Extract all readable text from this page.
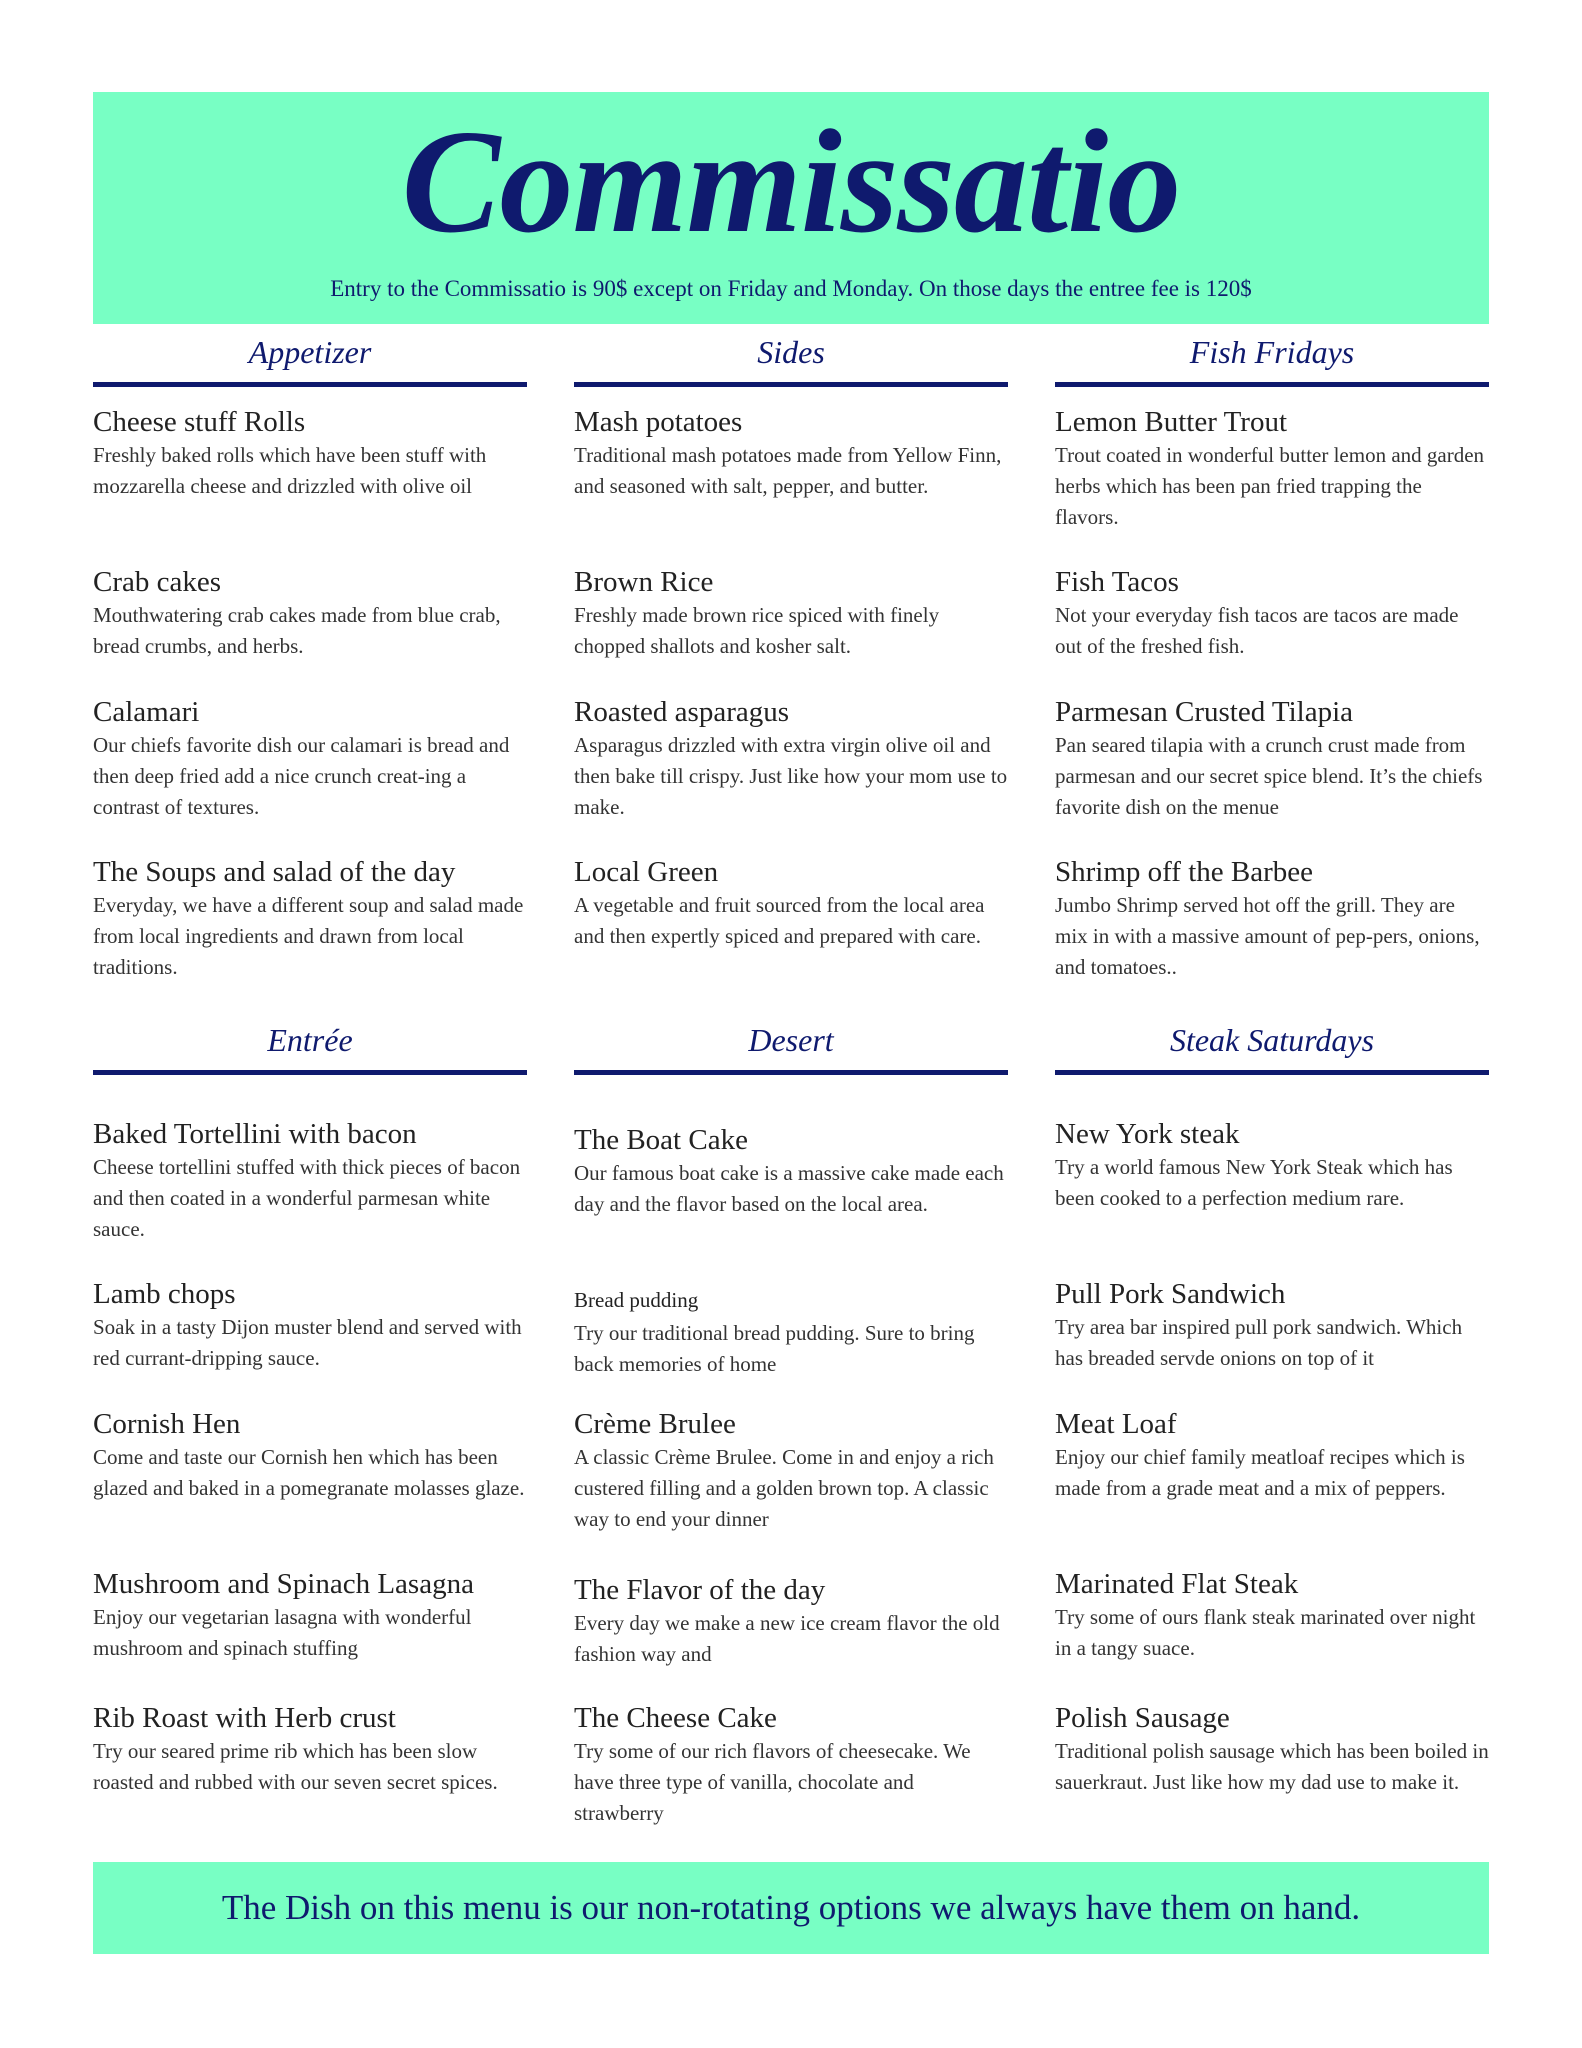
Commissatio
Entry to the Commissatio is 90$ except on Friday and Monday. On those days the entree fee is 120$
Appetizer
Cheese stuff Rolls
Freshly baked rolls which have been stuff with mozzarella cheese and drizzled with olive oil
Crab cakes
Mouthwatering crab cakes made from blue crab, bread crumbs, and herbs.
Calamari
Our chiefs favorite dish our calamari is bread and then deep fried add a nice crunch creat-ing a contrast of textures.
The Soups and salad of the day
Everyday, we have a different soup and salad made from local ingredients and drawn from local traditions.
Sides
Mash potatoes
Traditional mash potatoes made from Yellow Finn, and seasoned with salt, pepper, and butter.
Brown Rice
Freshly made brown rice spiced with finely chopped shallots and kosher salt.
Roasted asparagus
Asparagus drizzled with extra virgin olive oil and then bake till crispy. Just like how your mom use to make.
Local Green
A vegetable and fruit sourced from the local area and then expertly spiced and prepared with care.
Fish Fridays
Lemon Butter Trout
Trout coated in wonderful butter lemon and garden herbs which has been pan fried trapping the flavors.
Fish Tacos
Not your everyday fish tacos are tacos are made out of the freshed fish.
Parmesan Crusted Tilapia
Pan seared tilapia with a crunch crust made from parmesan and our secret spice blend. It’s the chiefs favorite dish on the menue
Shrimp off the Barbee
Jumbo Shrimp served hot off the grill. They are mix in with a massive amount of pep-pers, onions, and tomatoes..
Entrée
Baked Tortellini with bacon
Cheese tortellini stuffed with thick pieces of bacon and then coated in a wonderful parmesan white sauce.
Lamb chops
Soak in a tasty Dijon muster blend and served with red currant-dripping sauce.
Cornish Hen
Come and taste our Cornish hen which has been glazed and baked in a pomegranate molasses glaze.
Mushroom and Spinach Lasagna
Enjoy our vegetarian lasagna with wonderful mushroom and spinach stuffing
Rib Roast with Herb crust
Try our seared prime rib which has been slow roasted and rubbed with our seven secret spices.
Desert
The Boat Cake
Our famous boat cake is a massive cake made each day and the flavor based on the local area.
Bread pudding
Try our traditional bread pudding. Sure to bring back memories of home
Crème Brulee
A classic Crème Brulee. Come in and enjoy a rich custered filling and a golden brown top. A classic way to end your dinner
The Flavor of the day
Every day we make a new ice cream flavor the old fashion way and
The Cheese Cake
Try some of our rich flavors of cheesecake. We have three type of vanilla, chocolate and strawberry
Steak Saturdays
New York steak
Try a world famous New York Steak which has been cooked to a perfection medium rare.
Pull Pork Sandwich
Try area bar inspired pull pork sandwich. Which has breaded servde onions on top of it
Meat Loaf
Enjoy our chief family meatloaf recipes which is made from a grade meat and a mix of peppers.
Marinated Flat Steak
Try some of ours flank steak marinated over night in a tangy suace.
Polish Sausage
Traditional polish sausage which has been boiled in sauerkraut. Just like how my dad use to make it.
The Dish on this menu is our non-rotating options we always have them on hand.
